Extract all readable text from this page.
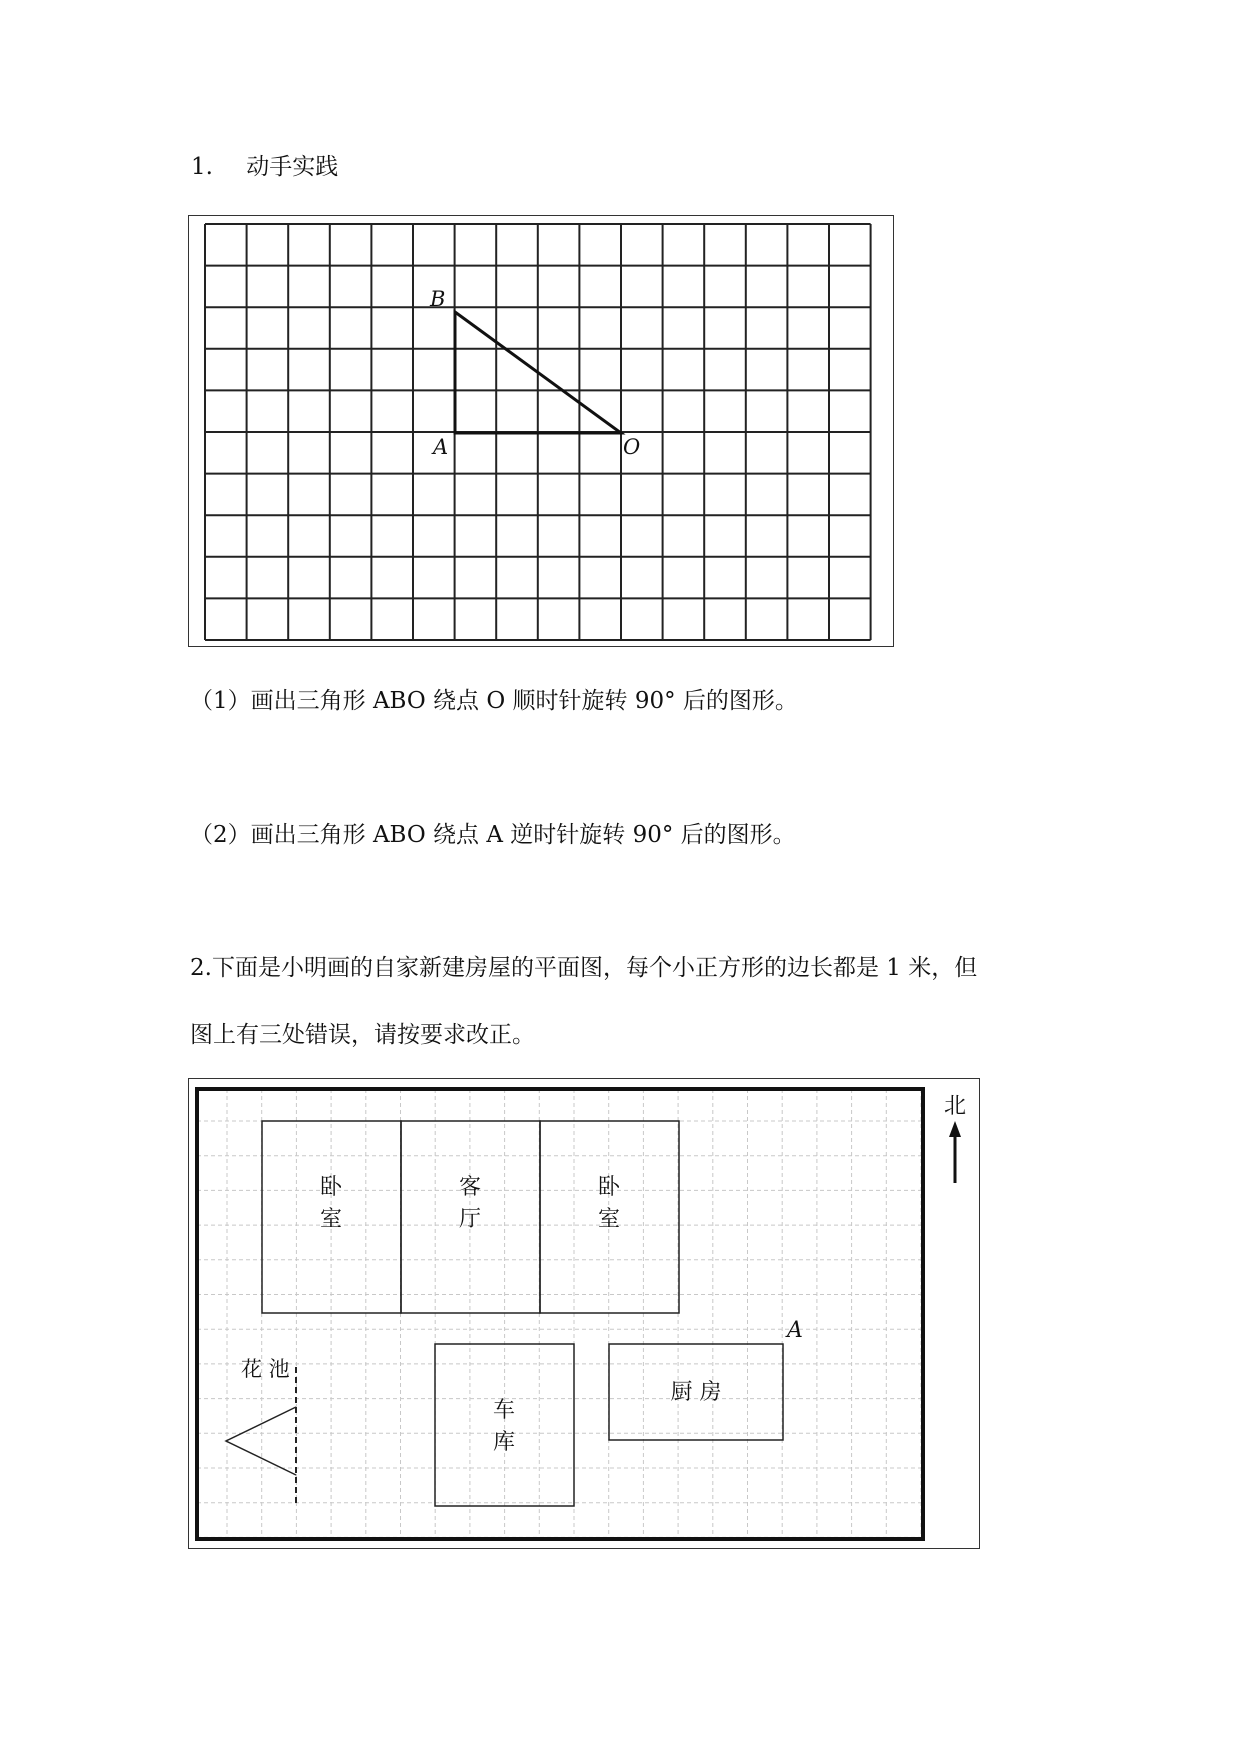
1. 动手实践
B
A	O
（1）画出三角形 ABO 绕点 O 顺时针旋转 90° 后的图形。
（2）画出三角形 ABO 绕点 A 逆时针旋转 90° 后的图形。
2.下面是小明画的自家新建房屋的平面图，每个小正方形的边长都是 1 米，但
图上有三处错误，请按要求改正。
卧
室
客
厅
卧
室
车
库
厨 房
花 池
A
北
